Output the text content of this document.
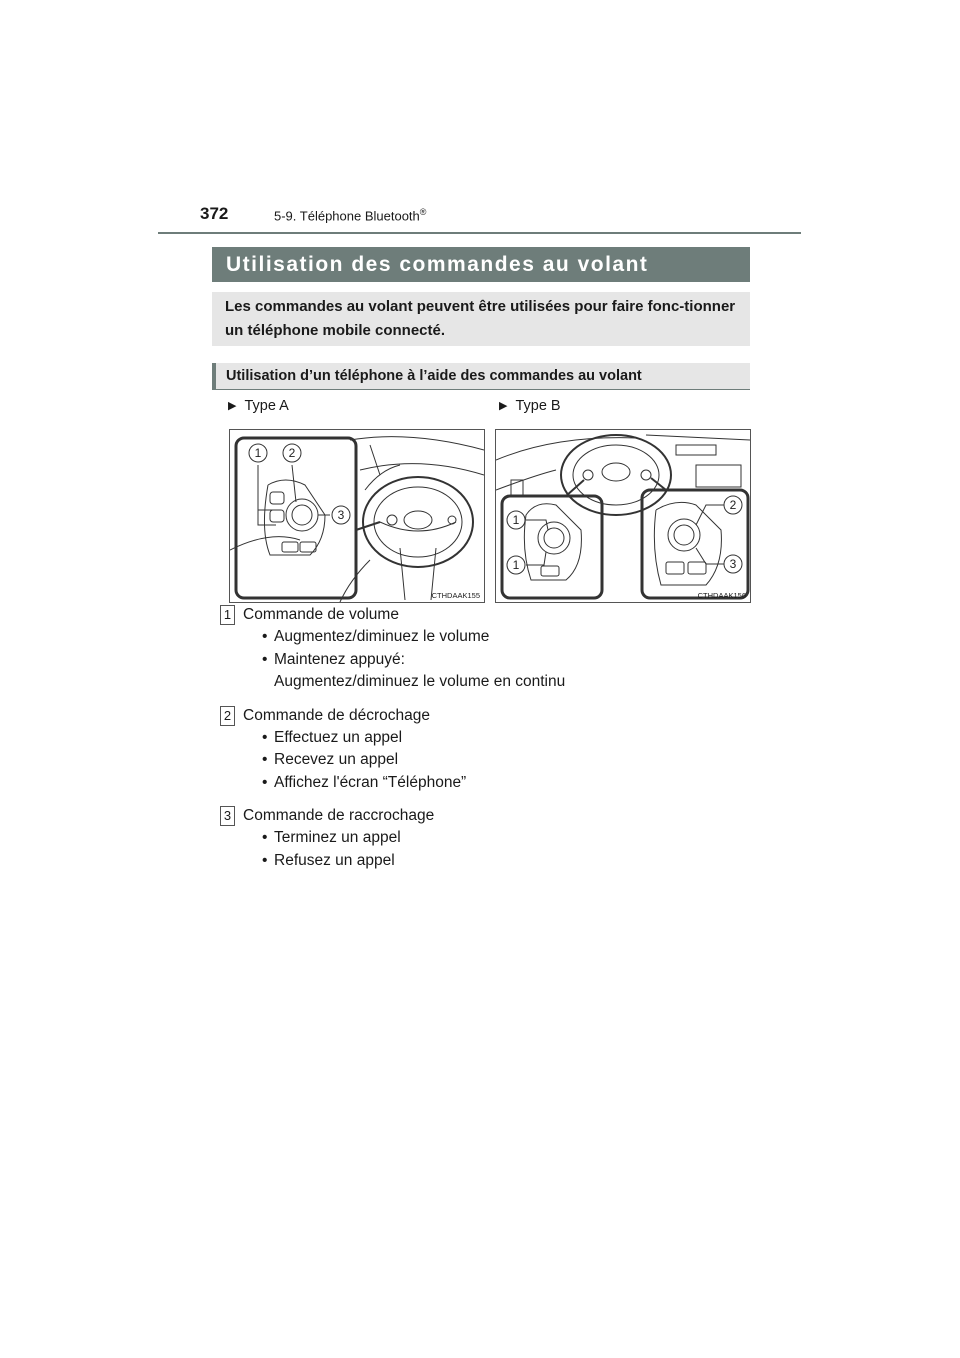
372	5-9. Téléphone Bluetooth®
Utilisation des commandes au volant
Les commandes au volant peuvent être utilisées pour faire fonc-tionner un téléphone mobile connecté.
Utilisation d’un téléphone à l’aide des commandes au volant
▶ Type A	▶ Type B
1 2
3
CTHDAAK155
1
1
2
3
CTHDAAK156
1 Commande de volume
• Augmentez/diminuez le volume
• Maintenez appuyé:
Augmentez/diminuez le volume en continu
2 Commande de décrochage
• Effectuez un appel
• Recevez un appel
• Affichez l'écran “Téléphone”
3 Commande de raccrochage
• Terminez un appel
• Refusez un appel
